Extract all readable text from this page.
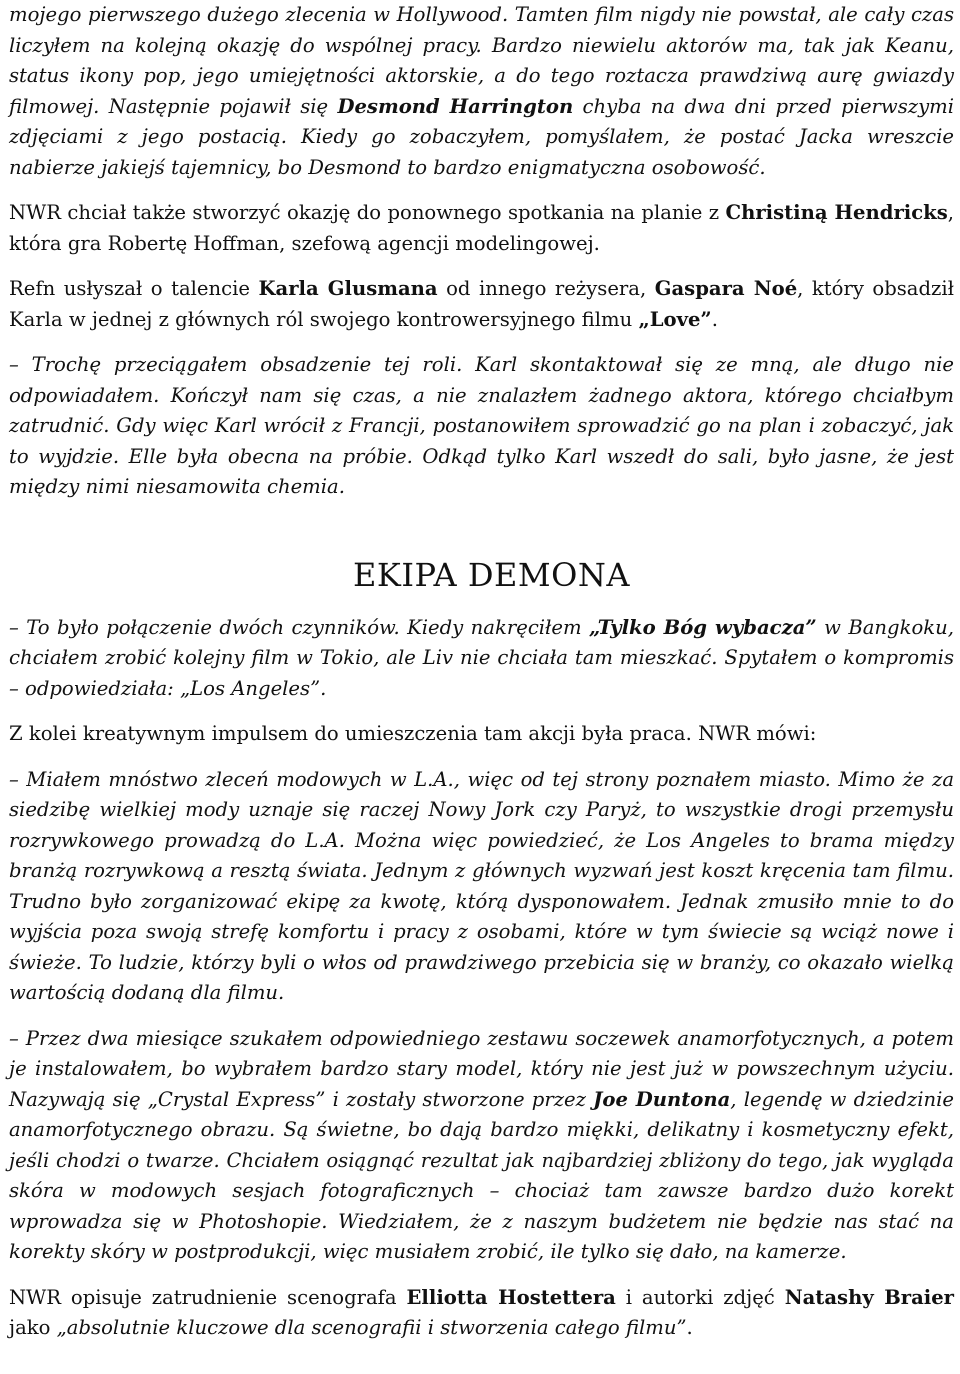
mojego pierwszego dużego zlecenia w Hollywood. Tamten film nigdy nie powstał, ale cały czas liczyłem na kolejną okazję do wspólnej pracy. Bardzo niewielu aktorów ma, tak jak Keanu, status ikony pop, jego umiejętności aktorskie, a do tego roztacza prawdziwą aurę gwiazdy filmowej. Następnie pojawił się Desmond Harrington chyba na dwa dni przed pierwszymi zdjęciami z jego postacią. Kiedy go zobaczyłem, pomyślałem, że postać Jacka wreszcie nabierze jakiejś tajemnicy, bo Desmond to bardzo enigmatyczna osobowość.

NWR chciał także stworzyć okazję do ponownego spotkania na planie z Christiną Hendricks, która gra Robertę Hoffman, szefową agencji modelingowej.

Refn usłyszał o talencie Karla Glusmana od innego reżysera, Gaspara Noé, który obsadził Karla w jednej z głównych ról swojego kontrowersyjnego filmu „Love”.

– Trochę przeciągałem obsadzenie tej roli. Karl skontaktował się ze mną, ale długo nie odpowiadałem. Kończył nam się czas, a nie znalazłem żadnego aktora, którego chciałbym zatrudnić. Gdy więc Karl wrócił z Francji, postanowiłem sprowadzić go na plan i zobaczyć, jak to wyjdzie. Elle była obecna na próbie. Odkąd tylko Karl wszedł do sali, było jasne, że jest między nimi niesamowita chemia.

EKIPA DEMONA

– To było połączenie dwóch czynników. Kiedy nakręciłem „Tylko Bóg wybacza” w Bangkoku, chciałem zrobić kolejny film w Tokio, ale Liv nie chciała tam mieszkać. Spytałem o kompromis – odpowiedziała: „Los Angeles”.

Z kolei kreatywnym impulsem do umieszczenia tam akcji była praca. NWR mówi:

– Miałem mnóstwo zleceń modowych w L.A., więc od tej strony poznałem miasto. Mimo że za siedzibę wielkiej mody uznaje się raczej Nowy Jork czy Paryż, to wszystkie drogi przemysłu rozrywkowego prowadzą do L.A. Można więc powiedzieć, że Los Angeles to brama między branżą rozrywkową a resztą świata. Jednym z głównych wyzwań jest koszt kręcenia tam filmu. Trudno było zorganizować ekipę za kwotę, którą dysponowałem. Jednak zmusiło mnie to do wyjścia poza swoją strefę komfortu i pracy z osobami, które w tym świecie są wciąż nowe i świeże. To ludzie, którzy byli o włos od prawdziwego przebicia się w branży, co okazało wielką wartością dodaną dla filmu.

– Przez dwa miesiące szukałem odpowiedniego zestawu soczewek anamorfotycznych, a potem je instalowałem, bo wybrałem bardzo stary model, który nie jest już w powszechnym użyciu. Nazywają się „Crystal Express” i zostały stworzone przez Joe Duntona, legendę w dziedzinie anamorfotycznego obrazu. Są świetne, bo dają bardzo miękki, delikatny i kosmetyczny efekt, jeśli chodzi o twarze. Chciałem osiągnąć rezultat jak najbardziej zbliżony do tego, jak wygląda skóra w modowych sesjach fotograficznych – chociaż tam zawsze bardzo dużo korekt wprowadza się w Photoshopie. Wiedziałem, że z naszym budżetem nie będzie nas stać na korekty skóry w postprodukcji, więc musiałem zrobić, ile tylko się dało, na kamerze.

NWR opisuje zatrudnienie scenografa Elliotta Hostettera i autorki zdjęć Natashy Braier jako „absolutnie kluczowe dla scenografii i stworzenia całego filmu”.
